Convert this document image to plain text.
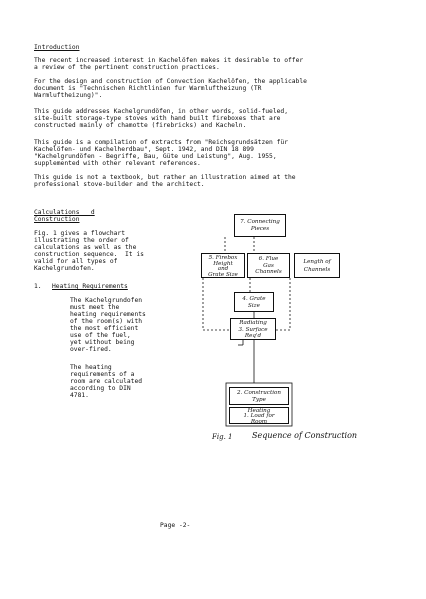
Introduction
The recent increased interest in Kachelöfen makes it desirable to offer
a review of the pertinent construction practices.
For the design and construction of Convection Kachelöfen, the applicable
document is "Technischen Richtlinien fur Warmluftheizung (TR
Warmluftheizung)".
This guide addresses Kachelgrundöfen, in other words, solid-fueled,
site-built storage-type stoves with hand built fireboxes that are
constructed mainly of chamotte (firebricks) and Kacheln.
This guide is a compilation of extracts from "Reichsgrundsätzen für
Kachelöfen- und Kachelherdbau", Sept. 1942, and DIN 18 899
"Kachelgrundöfen - Begriffe, Bau, Güte und Leistung", Aug. 1955,
supplemented with other relevant references.
This guide is not a textbook, but rather an illustration aimed at the
professional stove-builder and the architect.
Calculations   d
Construction
Fig. 1 gives a flowchart
illustrating the order of
calculations as well as the
construction sequence.  It is
valid for all types of
Kachelgrundofen.
1. Heating Requirements
The Kachelgrundofen
must meet the
heating requirements
of the room(s) with
the most efficient
use of the fuel,
yet without being
over-fired.
The heating
requirements of a
room are calculated
according to DIN
4781.
7. Connecting
Pieces
5. Firebox
Height
and
Grate Size
6. Flue
Gas
Channels
Length of
Channels
4. Grate
Size
Radiating
3. Surface
Req'd
2. Construction
Type
Heating
1. Load for
Room
Fig. 1 Sequence of Construction
Page -2-
